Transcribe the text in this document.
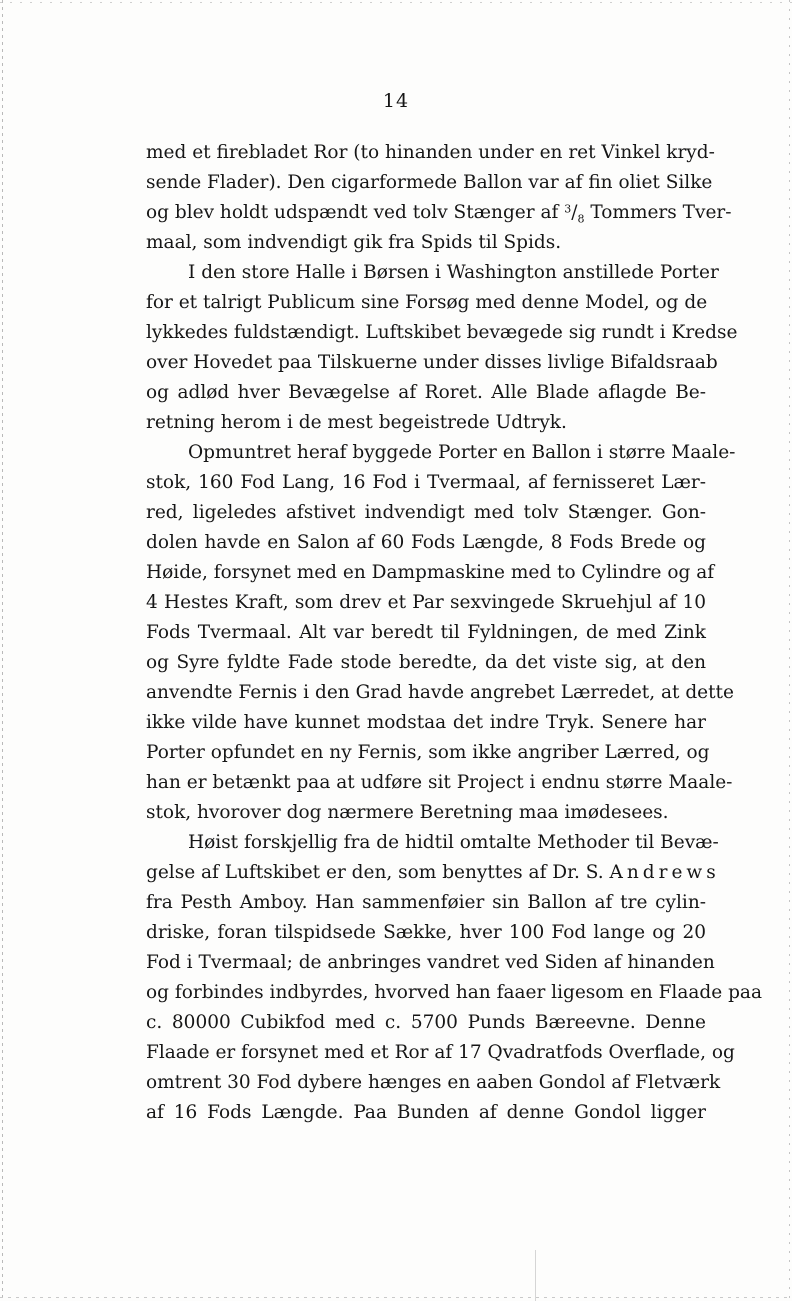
14
med et firebladet Ror (to hinanden under en ret Vinkel kryd-
sende Flader). Den cigarformede Ballon var af fin oliet Silke
og blev holdt udspændt ved tolv Stænger af $^3/_8$ Tommers Tver-
maal, som indvendigt gik fra Spids til Spids.
I den store Halle i Børsen i Washington anstillede Porter
for et talrigt Publicum sine Forsøg med denne Model, og de
lykkedes fuldstændigt. Luftskibet bevægede sig rundt i Kredse
over Hovedet paa Tilskuerne under disses livlige Bifaldsraab
og adlød hver Bevægelse af Roret. Alle Blade aflagde Be-
retning herom i de mest begeistrede Udtryk.
Opmuntret heraf byggede Porter en Ballon i større Maale-
stok, 160 Fod Lang, 16 Fod i Tvermaal, af fernisseret Lær-
red, ligeledes afstivet indvendigt med tolv Stænger. Gon-
dolen havde en Salon af 60 Fods Længde, 8 Fods Brede og
Høide, forsynet med en Dampmaskine med to Cylindre og af
4 Hestes Kraft, som drev et Par sexvingede Skruehjul af 10
Fods Tvermaal. Alt var beredt til Fyldningen, de med Zink
og Syre fyldte Fade stode beredte, da det viste sig, at den
anvendte Fernis i den Grad havde angrebet Lærredet, at dette
ikke vilde have kunnet modstaa det indre Tryk. Senere har
Porter opfundet en ny Fernis, som ikke angriber Lærred, og
han er betænkt paa at udføre sit Project i endnu større Maale-
stok, hvorover dog nærmere Beretning maa imødesees.
Høist forskjellig fra de hidtil omtalte Methoder til Bevæ-
gelse af Luftskibet er den, som benyttes af Dr. S. Andrews
fra Pesth Amboy. Han sammenføier sin Ballon af tre cylin-
driske, foran tilspidsede Sække, hver 100 Fod lange og 20
Fod i Tvermaal; de anbringes vandret ved Siden af hinanden
og forbindes indbyrdes, hvorved han faaer ligesom en Flaade paa
c. 80000 Cubikfod med c. 5700 Punds Bæreevne. Denne
Flaade er forsynet med et Ror af 17 Qvadratfods Overflade, og
omtrent 30 Fod dybere hænges en aaben Gondol af Fletværk
af 16 Fods Længde. Paa Bunden af denne Gondol ligger
